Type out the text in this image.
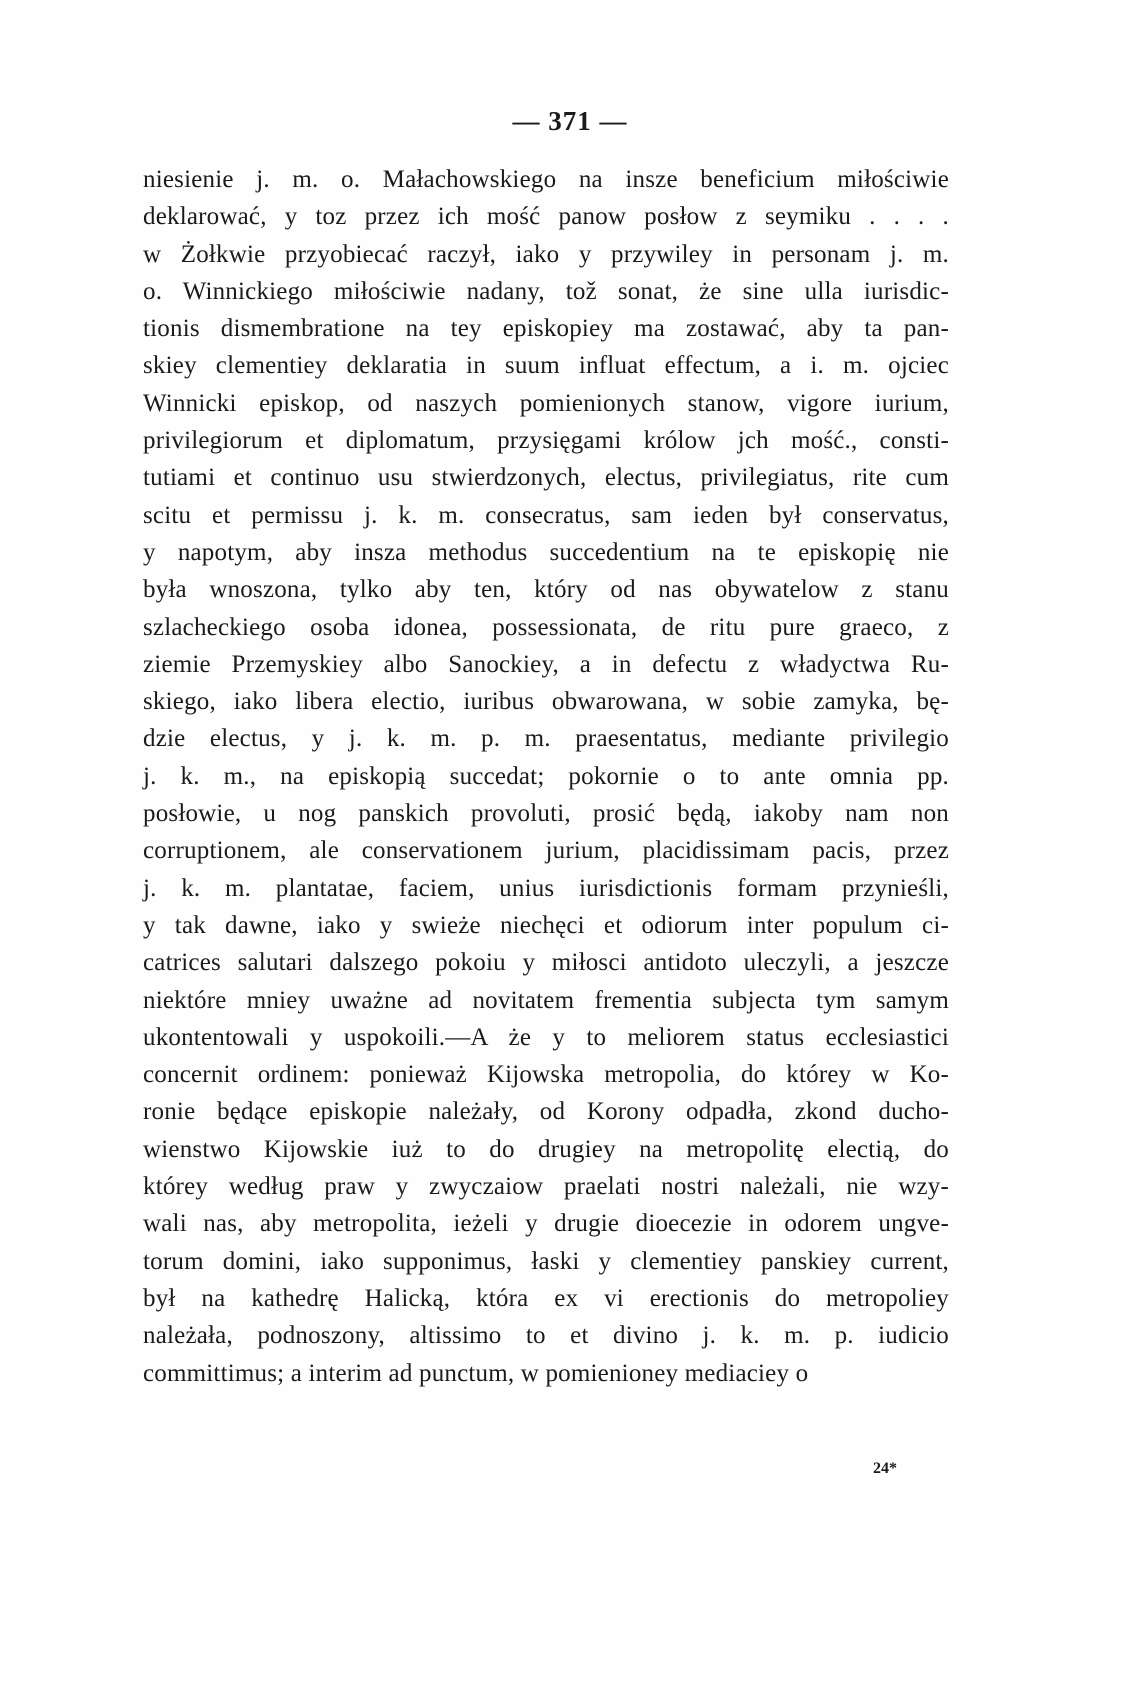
— 371 —
niesienie j. m. o. Małachowskiego na insze beneficium miłościwie
deklarować, y toz przez ich mość panow posłow z seymiku . . . .
w Żołkwie przyobiecać raczył, iako y przywiley in personam j. m.
o. Winnickiego miłościwie nadany, tož sonat, że sine ulla iurisdic-
tionis dismembratione na tey episkopiey ma zostawać, aby ta pan-
skiey clementiey deklaratia in suum influat effectum, a i. m. ojciec
Winnicki episkop, od naszych pomienionych stanow, vigore iurium,
privilegiorum et diplomatum, przysięgami królow jch mość., consti-
tutiami et continuo usu stwierdzonych, electus, privilegiatus, rite cum
scitu et permissu j. k. m. consecratus, sam ieden był conservatus,
y napotym, aby insza methodus succedentium na te episkopię nie
była wnoszona, tylko aby ten, który od nas obywatelow z stanu
szlacheckiego osoba idonea, possessionata, de ritu pure graeco, z
ziemie Przemyskiey albo Sanockiey, a in defectu z władyctwa Ru-
skiego, iako libera electio, iuribus obwarowana, w sobie zamyka, bę-
dzie electus, y j. k. m. p. m. praesentatus, mediante privilegio
j. k. m., na episkopią succedat; pokornie o to ante omnia pp.
posłowie, u nog panskich provoluti, prosić będą, iakoby nam non
corruptionem, ale conservationem jurium, placidissimam pacis, przez
j. k. m. plantatae, faciem, unius iurisdictionis formam przynieśli,
y tak dawne, iako y swieże niechęci et odiorum inter populum ci-
catrices salutari dalszego pokoiu y miłosci antidoto uleczyli, a jeszcze
niektóre mniey uważne ad novitatem frementia subjecta tym samym
ukontentowali y uspokoili.—A że y to meliorem status ecclesiastici
concernit ordinem: ponieważ Kijowska metropolia, do którey w Ko-
ronie będące episkopie należały, od Korony odpadła, zkond ducho-
wienstwo Kijowskie iuż to do drugiey na metropolitę electią, do
którey według praw y zwyczaiow praelati nostri należali, nie wzy-
wali nas, aby metropolita, ieżeli y drugie dioecezie in odorem ungve-
torum domini, iako supponimus, łaski y clementiey panskiey current,
był na kathedrę Halicką, która ex vi erectionis do metropoliey
należała, podnoszony, altissimo to et divino j. k. m. p. iudicio
committimus; a interim ad punctum, w pomienioney mediaciey o
24*
